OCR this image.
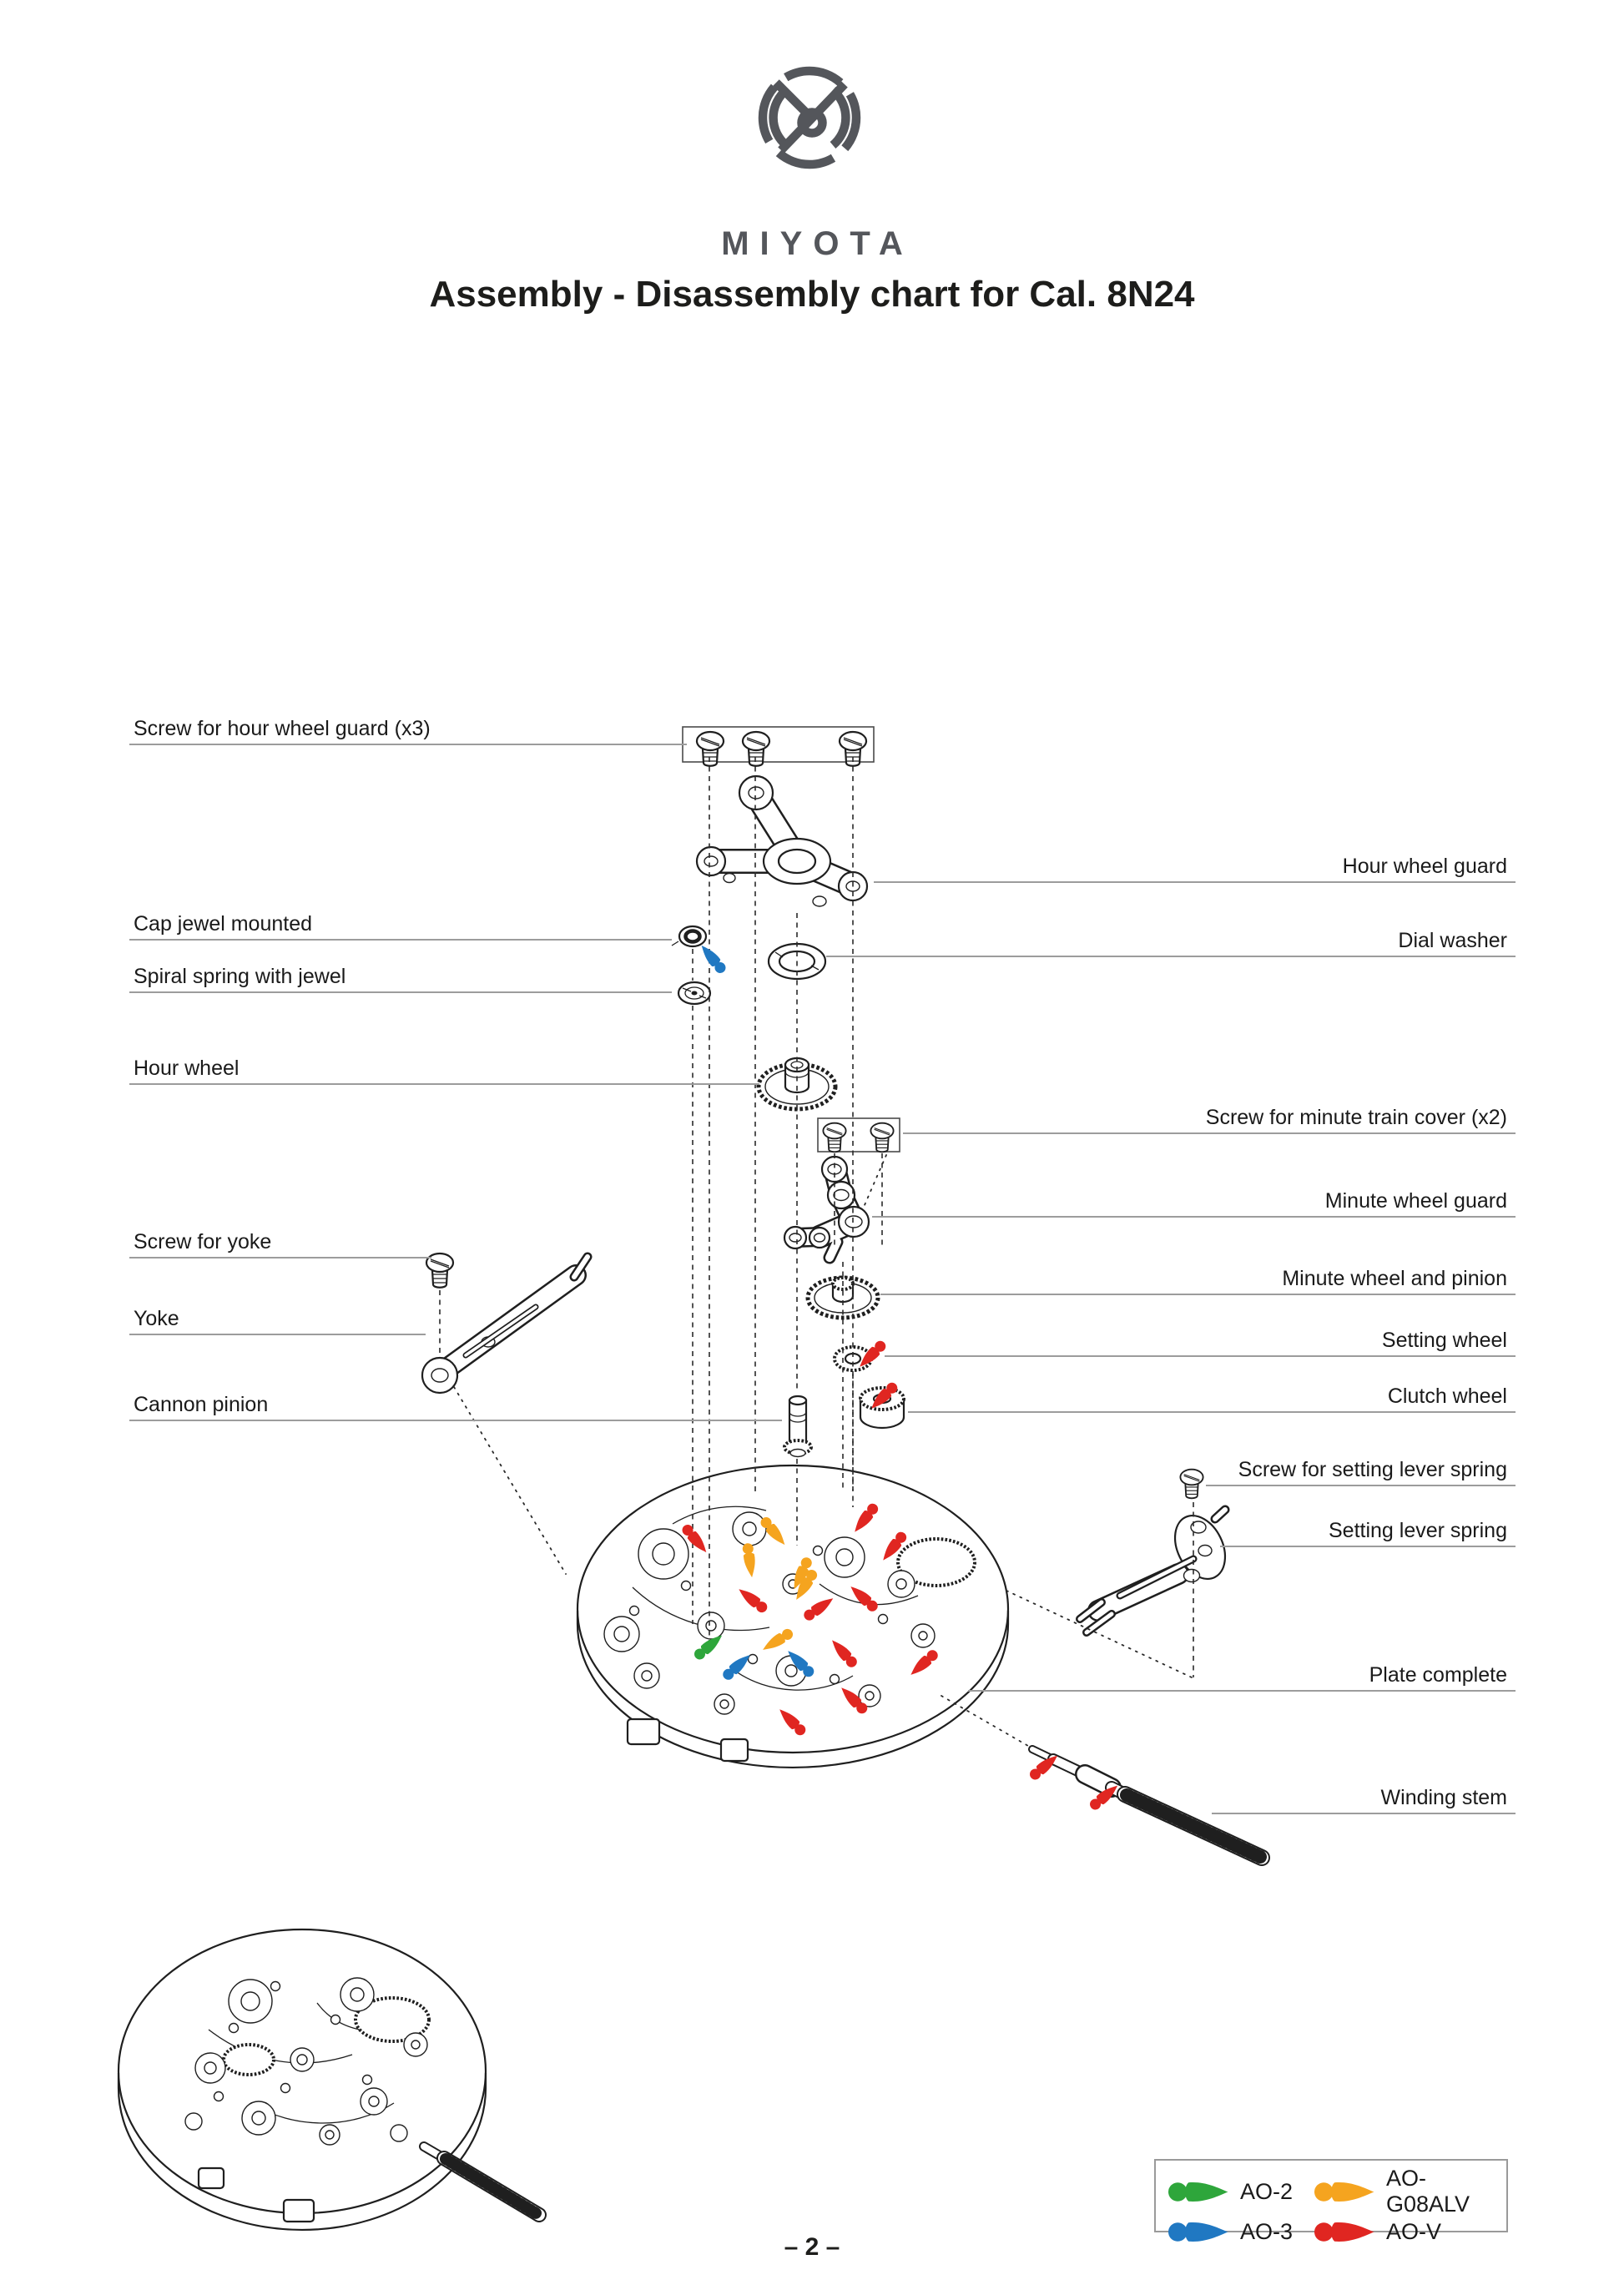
MIYOTA
Assembly - Disassembly chart for Cal. 8N24
Screw for hour wheel guard (x3)
Cap jewel mounted
Spiral spring with jewel
Hour wheel
Screw for yoke
Yoke
Cannon pinion
Hour wheel guard
Dial washer
Screw for minute train cover (x2)
Minute wheel guard
Minute wheel and pinion
Setting wheel
Clutch wheel
Screw for setting lever spring
Setting lever spring
Plate complete
Winding stem
AO-2
AO-G08ALV
AO-3	AO-V
– 2 –
